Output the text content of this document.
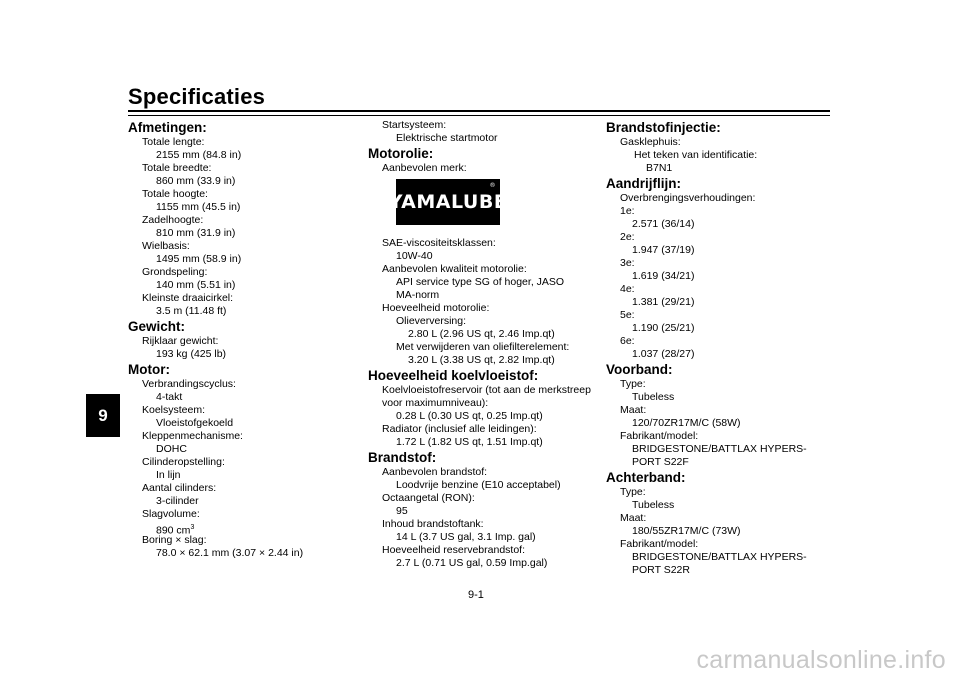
Specificaties
9
Afmetingen:
Totale lengte:
2155 mm (84.8 in)
Totale breedte:
860 mm (33.9 in)
Totale hoogte:
1155 mm (45.5 in)
Zadelhoogte:
810 mm (31.9 in)
Wielbasis:
1495 mm (58.9 in)
Grondspeling:
140 mm (5.51 in)
Kleinste draaicirkel:
3.5 m (11.48 ft)
Gewicht:
Rijklaar gewicht:
193 kg (425 lb)
Motor:
Verbrandingscyclus:
4-takt
Koelsysteem:
Vloeistofgekoeld
Kleppenmechanisme:
DOHC
Cilinderopstelling:
In lijn
Aantal cilinders:
3-cilinder
Slagvolume:
890 $cm^3$
Boring × slag:
78.0 × 62.1 mm (3.07 × 2.44 in)
Startsysteem:
Elektrische startmotor
Motorolie:
Aanbevolen merk:
YAMALUBE
®
SAE-viscositeitsklassen:
10W-40
Aanbevolen kwaliteit motorolie:
API service type SG of hoger, JASO
MA-norm
Hoeveelheid motorolie:
Olieverversing:
2.80 L (2.96 US qt, 2.46 Imp.qt)
Met verwijderen van oliefilterelement:
3.20 L (3.38 US qt, 2.82 Imp.qt)
Hoeveelheid koelvloeistof:
Koelvloeistofreservoir (tot aan de merkstreep
voor maximumniveau):
0.28 L (0.30 US qt, 0.25 Imp.qt)
Radiator (inclusief alle leidingen):
1.72 L (1.82 US qt, 1.51 Imp.qt)
Brandstof:
Aanbevolen brandstof:
Loodvrije benzine (E10 acceptabel)
Octaangetal (RON):
95
Inhoud brandstoftank:
14 L (3.7 US gal, 3.1 Imp. gal)
Hoeveelheid reservebrandstof:
2.7 L (0.71 US gal, 0.59 Imp.gal)
Brandstofinjectie:
Gasklephuis:
Het teken van identificatie:
B7N1
Aandrijflijn:
Overbrengingsverhoudingen:
1e:
2.571 (36/14)
2e:
1.947 (37/19)
3e:
1.619 (34/21)
4e:
1.381 (29/21)
5e:
1.190 (25/21)
6e:
1.037 (28/27)
Voorband:
Type:
Tubeless
Maat:
120/70ZR17M/C (58W)
Fabrikant/model:
BRIDGESTONE/BATTLAX HYPERS-
PORT S22F
Achterband:
Type:
Tubeless
Maat:
180/55ZR17M/C (73W)
Fabrikant/model:
BRIDGESTONE/BATTLAX HYPERS-
PORT S22R
9-1
carmanualsonline.info
